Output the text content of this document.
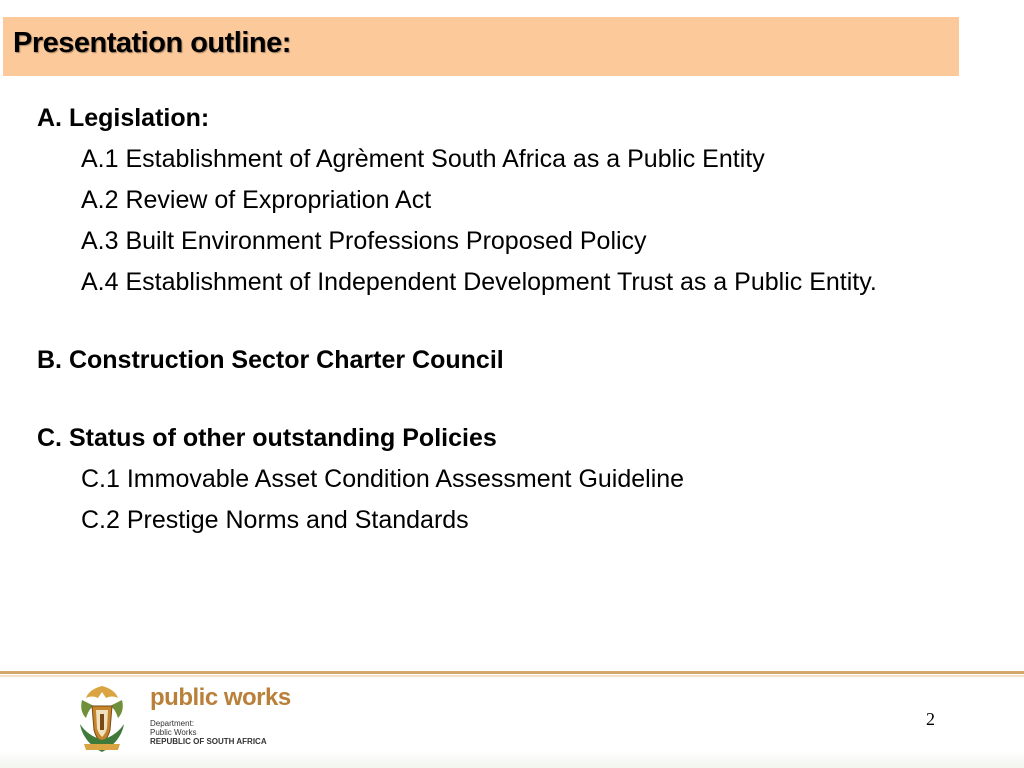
Presentation outline:
A. Legislation:
A.1 Establishment of Agrèment South Africa as a Public Entity
A.2 Review of Expropriation Act
A.3 Built Environment Professions Proposed Policy
A.4 Establishment of Independent Development Trust as a Public Entity.
B. Construction Sector Charter Council
C. Status of other outstanding Policies
C.1 Immovable Asset Condition Assessment Guideline
C.2 Prestige Norms and Standards
public works
Department:
Public Works
REPUBLIC OF SOUTH AFRICA
2
